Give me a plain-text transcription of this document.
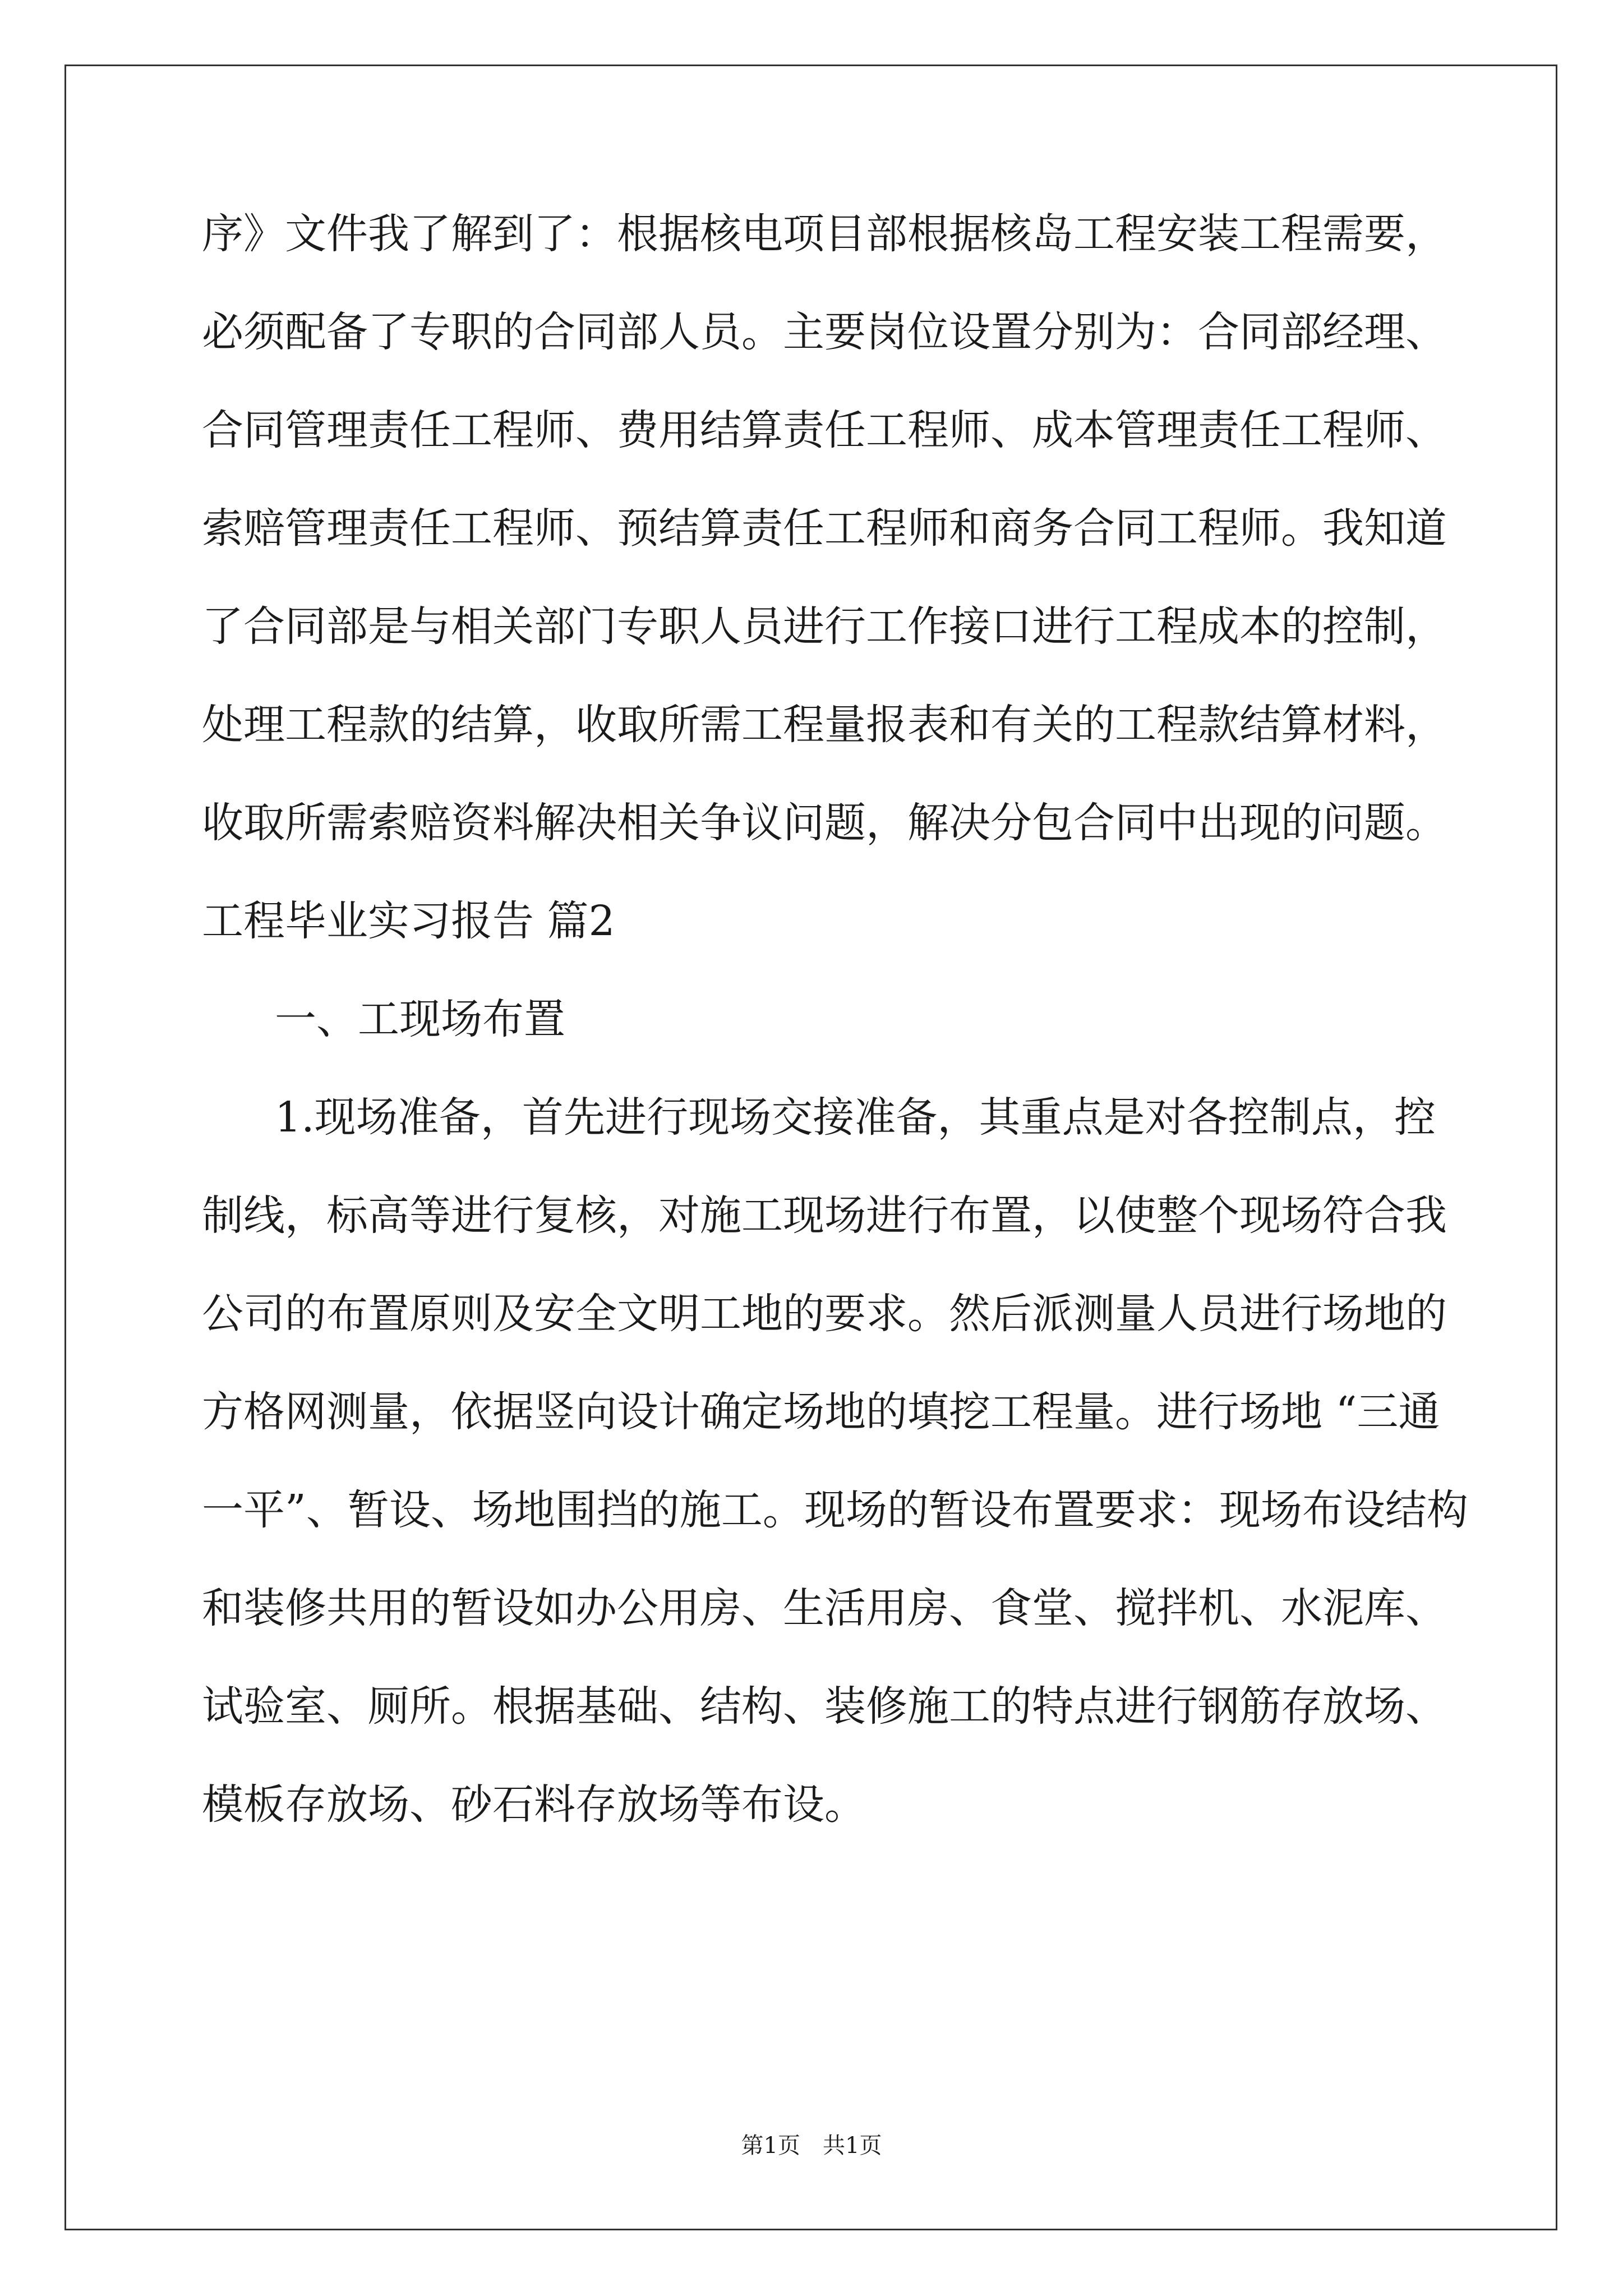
序》文件我了解到了：根据核电项目部根据核岛工程安装工程需要，

必须配备了专职的合同部人员。主要岗位设置分别为：合同部经理、

合同管理责任工程师、费用结算责任工程师、成本管理责任工程师、

索赔管理责任工程师、预结算责任工程师和商务合同工程师。我知道

了合同部是与相关部门专职人员进行工作接口进行工程成本的控制，

处理工程款的结算，收取所需工程量报表和有关的工程款结算材料，

收取所需索赔资料解决相关争议问题，解决分包合同中出现的问题。

工程毕业实习报告 篇2

一、工现场布置

1.现场准备，首先进行现场交接准备，其重点是对各控制点，控

制线，标高等进行复核，对施工现场进行布置，以使整个现场符合我

公司的布置原则及安全文明工地的要求。然后派测量人员进行场地的

方格网测量，依据竖向设计确定场地的填挖工程量。进行场地 “三通

一平”、暂设、场地围挡的施工。现场的暂设布置要求：现场布设结构

和装修共用的暂设如办公用房、生活用房、食堂、搅拌机、水泥库、

试验室、厕所。根据基础、结构、装修施工的特点进行钢筋存放场、

模板存放场、砂石料存放场等布设。

第1页　共1页
